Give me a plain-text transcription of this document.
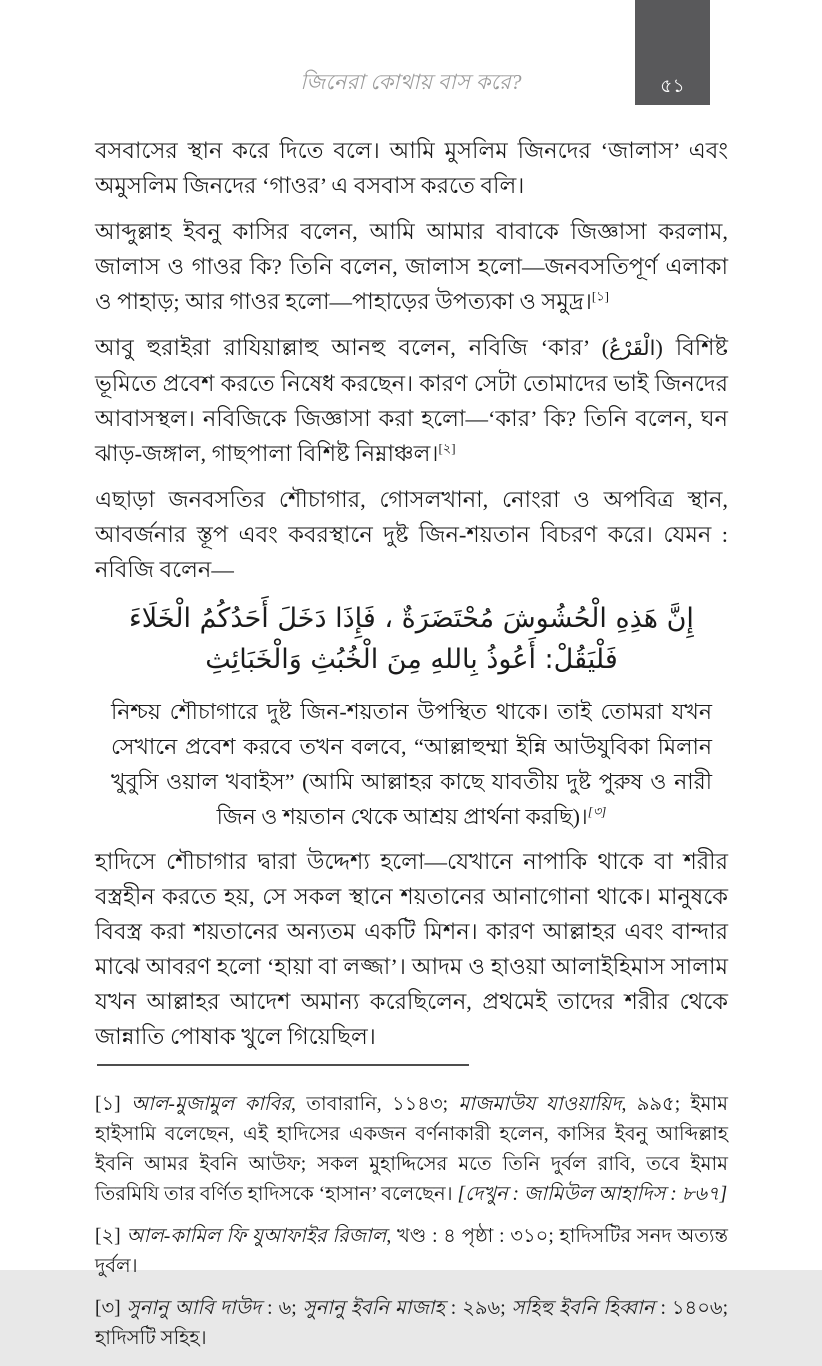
৫১
জিনেরা কোথায় বাস করে?

বসবাসের স্থান করে দিতে বলে। আমি মুসলিম জিনদের ‘জালাস’ এবং অমুসলিম জিনদের ‘গাওর’ এ বসবাস করতে বলি।

আব্দুল্লাহ ইবনু কাসির বলেন, আমি আমার বাবাকে জিজ্ঞাসা করলাম, জালাস ও গাওর কি? তিনি বলেন, জালাস হলো—জনবসতিপূর্ণ এলাকা ও পাহাড়; আর গাওর হলো—পাহাড়ের উপত্যকা ও সমুদ্র।[১]

আবু হুরাইরা রাযিয়াল্লাহু আনহু বলেন, নবিজি ‘কার’ (الْقَرْعُ) বিশিষ্ট ভূমিতে প্রবেশ করতে নিষেধ করছেন। কারণ সেটা তোমাদের ভাই জিনদের আবাসস্থল। নবিজিকে জিজ্ঞাসা করা হলো—‘কার’ কি? তিনি বলেন, ঘন ঝাড়-জঙ্গাল, গাছপালা বিশিষ্ট নিম্নাঞ্চল।[২]

এছাড়া জনবসতির শৌচাগার, গোসলখানা, নোংরা ও অপবিত্র স্থান, আবর্জনার স্তূপ এবং কবরস্থানে দুষ্ট জিন-শয়তান বিচরণ করে। যেমন : নবিজি বলেন—

إِنَّ هَذِهِ الْحُشُوشَ مُحْتَضَرَةٌ ، فَإِذَا دَخَلَ أَحَدُكُمُ الْخَلَاءَ فَلْيَقُلْ: أَعُوذُ بِاللهِ مِنَ الْخُبُثِ وَالْخَبَائِثِ

নিশ্চয় শৌচাগারে দুষ্ট জিন-শয়তান উপস্থিত থাকে। তাই তোমরা যখন সেখানে প্রবেশ করবে তখন বলবে, “আল্লাহুম্মা ইন্নি আউযুবিকা মিলান খুবুসি ওয়াল খবাইস” (আমি আল্লাহর কাছে যাবতীয় দুষ্ট পুরুষ ও নারী জিন ও শয়তান থেকে আশ্রয় প্রার্থনা করছি)।[৩]

হাদিসে শৌচাগার দ্বারা উদ্দেশ্য হলো—যেখানে নাপাকি থাকে বা শরীর বস্ত্রহীন করতে হয়, সে সকল স্থানে শয়তানের আনাগোনা থাকে। মানুষকে বিবস্ত্র করা শয়তানের অন্যতম একটি মিশন। কারণ আল্লাহর এবং বান্দার মাঝে আবরণ হলো ‘হায়া বা লজ্জা’। আদম ও হাওয়া আলাইহিমাস সালাম যখন আল্লাহর আদেশ অমান্য করেছিলেন, প্রথমেই তাদের শরীর থেকে জান্নাতি পোষাক খুলে গিয়েছিল।

[১] আল-মুজামুল কাবির, তাবারানি, ১১৪৩; মাজমাউয যাওয়ায়িদ, ৯৯৫; ইমাম হাইসামি বলেছেন, এই হাদিসের একজন বর্ণনাকারী হলেন, কাসির ইবনু আব্দিল্লাহ ইবনি আমর ইবনি আউফ; সকল মুহাদ্দিসের মতে তিনি দুর্বল রাবি, তবে ইমাম তিরমিযি তার বর্ণিত হাদিসকে ‘হাসান’ বলেছেন। [দেখুন : জামিউল আহাদিস : ৮৬৭]

[২] আল-কামিল ফি যুআফাইর রিজাল, খণ্ড : ৪ পৃষ্ঠা : ৩১০; হাদিসটির সনদ অত্যন্ত দুর্বল।

[৩] সুনানু আবি দাউদ : ৬; সুনানু ইবনি মাজাহ : ২৯৬; সহিহু ইবনি হিব্বান : ১৪০৬; হাদিসটি সহিহ।
